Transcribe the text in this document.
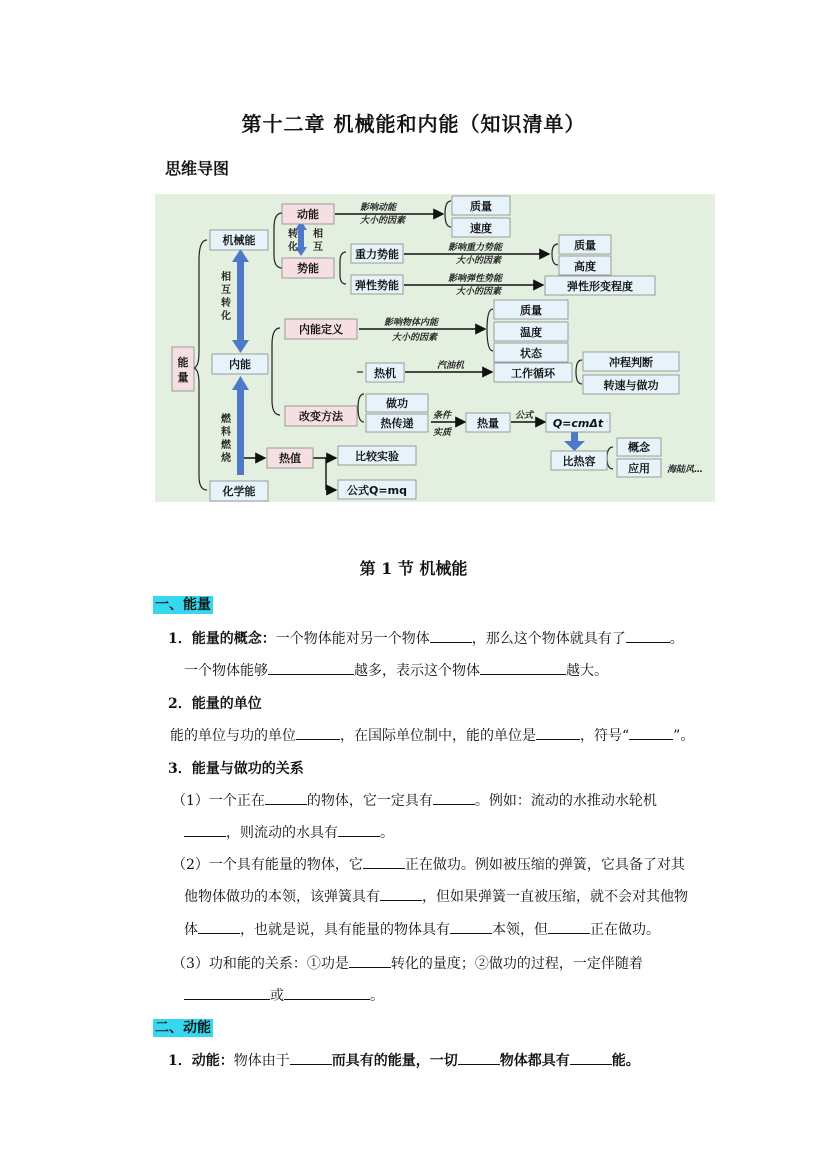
第十二章 机械能和内能（知识清单）
思维导图
转
化
相
互
相
互
转
化
燃
料
燃
烧
影响动能
大小的因素
影响重力势能
大小的因素
影响弹性势能
大小的因素
影响物体内能
大小的因素
汽油机
条件
实质
公式
海陆风…
能
量
机械能
内能
化学能
动能
势能
质量
速度
重力势能
弹性势能
质量
高度
弹性形变程度
内能定义
质量
温度
状态
热机	工作循环
冲程判断
转速与做功
改变方法
做功
热传递	热量	Q=cmΔt
比热容
概念
应用
热值	比较实验
公式Q=mq
第 1 节 机械能
一、能量
1．能量的概念：一个物体能对另一个物体	，那么这个物体就具有了	。
一个物体能够	越多，表示这个物体	越大。
2．能量的单位
能的单位与功的单位	，在国际单位制中，能的单位是	，符号“	”。
3．能量与做功的关系
（1）一个正在	的物体，它一定具有	。例如：流动的水推动水轮机
，则流动的水具有	。
（2）一个具有能量的物体，它	正在做功。例如被压缩的弹簧，它具备了对其
他物体做功的本领，该弹簧具有	，但如果弹簧一直被压缩，就不会对其他物
体	，也就是说，具有能量的物体具有	本领，但	正在做功。
（3）功和能的关系：①功是	转化的量度；②做功的过程，一定伴随着
或	。
二、动能
1．动能：物体由于	而具有的能量，一切	物体都具有	能。
